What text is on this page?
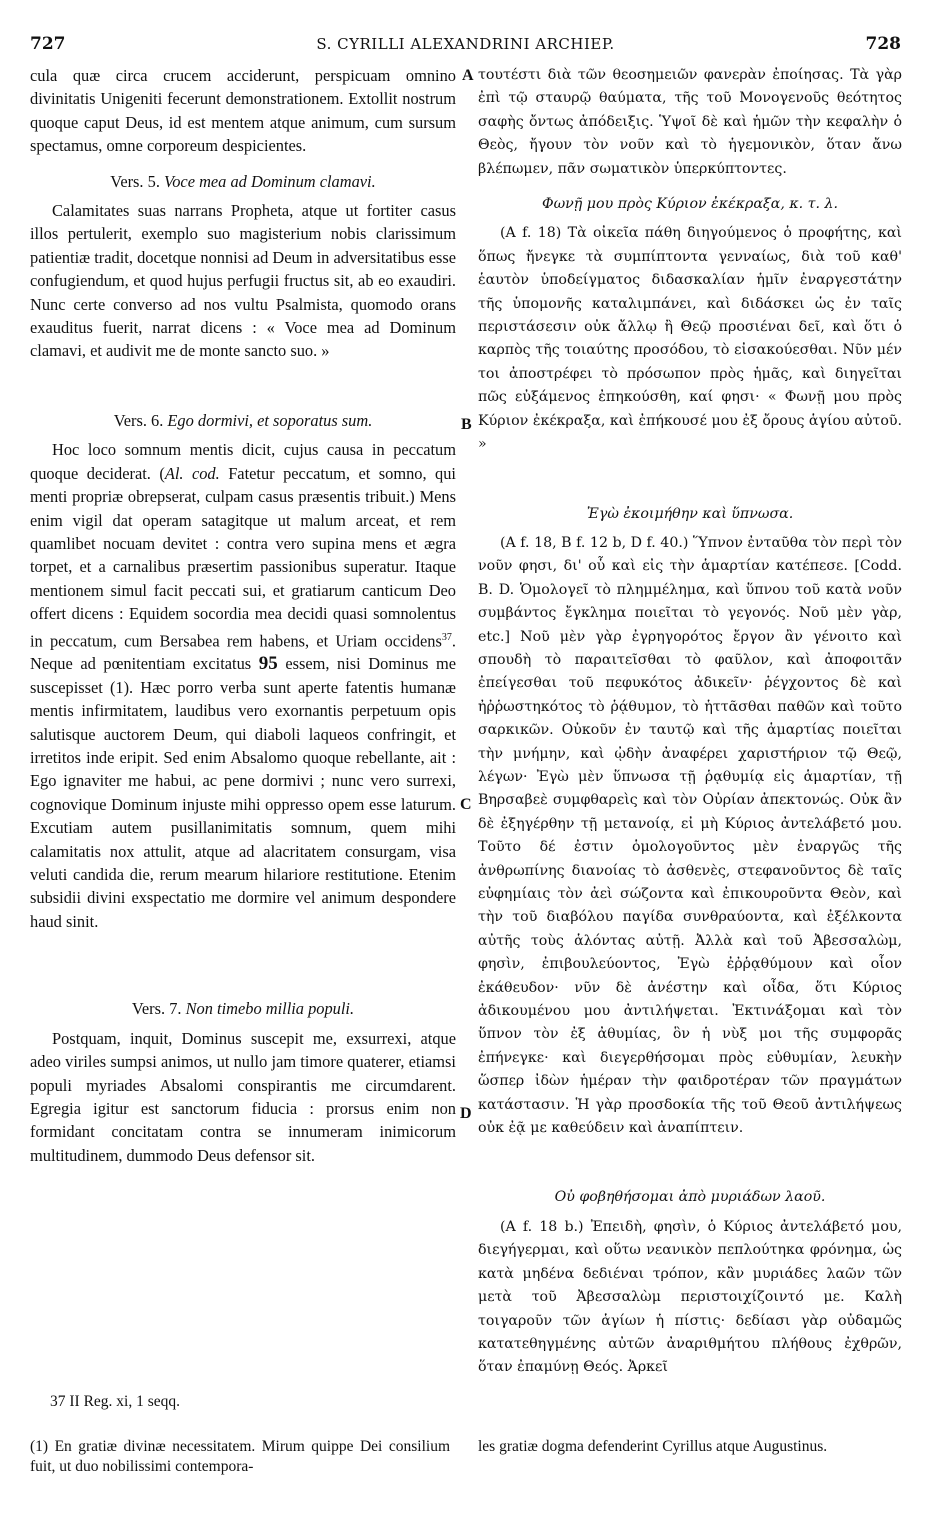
727	S. CYRILLI ALEXANDRINI ARCHIEP.	728
A
B
C
D

cula quæ circa crucem acciderunt, perspicuam omnino divinitatis Unigeniti fecerunt demonstrationem. Extollit nostrum quoque caput Deus, id est mentem atque animum, cum sursum spectamus, omne corporeum despicientes.

Vers. 5. Voce mea ad Dominum clamavi.

Calamitates suas narrans Propheta, atque ut fortiter casus illos pertulerit, exemplo suo magisterium nobis clarissimum patientiæ tradit, docetque nonnisi ad Deum in adversitatibus esse confugiendum, et quod hujus perfugii fructus sit, ab eo exaudiri. Nunc certe converso ad nos vultu Psalmista, quomodo orans exauditus fuerit, narrat dicens : « Voce mea ad Dominum clamavi, et audivit me de monte sancto suo. »

Vers. 6. Ego dormivi, et soporatus sum.

Hoc loco somnum mentis dicit, cujus causa in peccatum quoque deciderat. (Al. cod. Fatetur peccatum, et somno, qui menti propriæ obrepserat, culpam casus præsentis tribuit.) Mens enim vigil dat operam satagitque ut malum arceat, et rem quamlibet nocuam devitet : contra vero supina mens et ægra torpet, et a carnalibus præsertim passionibus superatur. Itaque mentionem simul facit peccati sui, et gratiarum canticum Deo offert dicens : Equidem socordia mea decidi quasi somnolentus in peccatum, cum Bersabea rem habens, et Uriam occidens$^{37}$. Neque ad pœnitentiam excitatus 95 essem, nisi Dominus me suscepisset (1). Hæc porro verba sunt aperte fatentis humanæ mentis infirmitatem, laudibus vero exornantis perpetuum opis salutisque auctorem Deum, qui diaboli laqueos confringit, et irretitos inde eripit. Sed enim Absalomo quoque rebellante, ait : Ego ignaviter me habui, ac pene dormivi ; nunc vero surrexi, cognovique Dominum injuste mihi oppresso opem esse laturum. Excutiam autem pusillanimitatis somnum, quem mihi calamitatis nox attulit, atque ad alacritatem consurgam, visa veluti candida die, rerum mearum hilariore restitutione. Etenim subsidii divini exspectatio me dormire vel animum despondere haud sinit.

Vers. 7. Non timebo millia populi.

Postquam, inquit, Dominus suscepit me, exsurrexi, atque adeo viriles sumpsi animos, ut nullo jam timore quaterer, etiamsi populi myriades Absalomi conspirantis me circumdarent. Egregia igitur est sanctorum fiducia : prorsus enim non formidant concitatam contra se innumeram inimicorum multitudinem, dummodo Deus defensor sit.

τουτέστι διὰ τῶν θεοσημειῶν φανερὰν ἐποίησας. Τὰ γὰρ ἐπὶ τῷ σταυρῷ θαύματα, τῆς τοῦ Μονογενοῦς θεότητος σαφὴς ὄντως ἀπόδειξις. Ὑψοῖ δὲ καὶ ἡμῶν τὴν κεφαλὴν ὁ Θεὸς, ἤγουν τὸν νοῦν καὶ τὸ ἡγεμονικὸν, ὅταν ἄνω βλέπωμεν, πᾶν σωματικὸν ὑπερκύπτοντες.

Φωνῇ μου πρὸς Κύριον ἐκέκραξα, κ. τ. λ.

(A f. 18) Τὰ οἰκεῖα πάθη διηγούμενος ὁ προφήτης, καὶ ὅπως ἤνεγκε τὰ συμπίπτοντα γενναίως, διὰ τοῦ καθ' ἑαυτὸν ὑποδείγματος διδασκαλίαν ἡμῖν ἐναργεστάτην τῆς ὑπομονῆς καταλιμπάνει, καὶ διδάσκει ὡς ἐν ταῖς περιστάσεσιν οὐκ ἄλλῳ ἢ Θεῷ προσιέναι δεῖ, καὶ ὅτι ὁ καρπὸς τῆς τοιαύτης προσόδου, τὸ εἰσακούεσθαι. Νῦν μέν τοι ἀποστρέφει τὸ πρόσωπον πρὸς ἡμᾶς, καὶ διηγεῖται πῶς εὐξάμενος ἐπηκούσθη, καί φησι· « Φωνῇ μου πρὸς Κύριον ἐκέκραξα, καὶ ἐπήκουσέ μου ἐξ ὄρους ἁγίου αὐτοῦ. »

Ἐγὼ ἐκοιμήθην καὶ ὕπνωσα.

(A f. 18, B f. 12 b, D f. 40.) Ὕπνον ἐνταῦθα τὸν περὶ τὸν νοῦν φησι, δι' οὗ καὶ εἰς τὴν ἁμαρτίαν κατέπεσε. [Codd. B. D. Ὁμολογεῖ τὸ πλημμέλημα, καὶ ὕπνου τοῦ κατὰ νοῦν συμβάντος ἔγκλημα ποιεῖται τὸ γεγονός. Νοῦ μὲν γὰρ, etc.] Νοῦ μὲν γὰρ ἐγρηγορότος ἔργον ἂν γένοιτο καὶ σπουδὴ τὸ παραιτεῖσθαι τὸ φαῦλον, καὶ ἀποφοιτᾶν ἐπείγεσθαι τοῦ πεφυκότος ἀδικεῖν· ῥέγχοντος δὲ καὶ ἠῤῥωστηκότος τὸ ῥᾴθυμον, τὸ ἡττᾶσθαι παθῶν καὶ τοῦτο σαρκικῶν. Οὐκοῦν ἐν ταυτῷ καὶ τῆς ἁμαρτίας ποιεῖται τὴν μνήμην, καὶ ᾠδὴν ἀναφέρει χαριστήριον τῷ Θεῷ, λέγων· Ἐγὼ μὲν ὕπνωσα τῇ ῥᾳθυμίᾳ εἰς ἁμαρτίαν, τῇ Βηρσαβεὲ συμφθαρεὶς καὶ τὸν Οὐρίαν ἀπεκτονώς. Οὐκ ἂν δὲ ἐξηγέρθην τῇ μετανοίᾳ, εἰ μὴ Κύριος ἀντελάβετό μου. Τοῦτο δέ ἐστιν ὁμολογοῦντος μὲν ἐναργῶς τῆς ἀνθρωπίνης διανοίας τὸ ἀσθενὲς, στεφανοῦντος δὲ ταῖς εὐφημίαις τὸν ἀεὶ σώζοντα καὶ ἐπικουροῦντα Θεὸν, καὶ τὴν τοῦ διαβόλου παγίδα συνθραύοντα, καὶ ἐξέλκοντα αὐτῆς τοὺς ἁλόντας αὐτῇ. Ἀλλὰ καὶ τοῦ Ἀβεσσαλὼμ, φησὶν, ἐπιβουλεύοντος, Ἐγὼ ἐῤῥᾳθύμουν καὶ οἷον ἐκάθευδον· νῦν δὲ ἀνέστην καὶ οἶδα, ὅτι Κύριος ἀδικουμένου μου ἀντιλήψεται. Ἐκτινάξομαι καὶ τὸν ὕπνον τὸν ἐξ ἀθυμίας, ὃν ἡ νὺξ μοι τῆς συμφορᾶς ἐπήνεγκε· καὶ διεγερθήσομαι πρὸς εὐθυμίαν, λευκὴν ὥσπερ ἰδὼν ἡμέραν τὴν φαιδροτέραν τῶν πραγμάτων κατάστασιν. Ἡ γὰρ προσδοκία τῆς τοῦ Θεοῦ ἀντιλήψεως οὐκ ἐᾷ με καθεύδειν καὶ ἀναπίπτειν.

Οὐ φοβηθήσομαι ἀπὸ μυριάδων λαοῦ.

(A f. 18 b.) Ἐπειδὴ, φησὶν, ὁ Κύριος ἀντελάβετό μου, διεγήγερμαι, καὶ οὕτω νεανικὸν πεπλούτηκα φρόνημα, ὡς κατὰ μηδένα δεδιέναι τρόπον, κἂν μυριάδες λαῶν τῶν μετὰ τοῦ Ἀβεσσαλὼμ περιστοιχίζοιντό με. Καλὴ τοιγαροῦν τῶν ἁγίων ἡ πίστις· δεδίασι γὰρ οὐδαμῶς κατατεθηγμένης αὐτῶν ἀναριθμήτου πλήθους ἐχθρῶν, ὅταν ἐπαμύνῃ Θεός. Ἀρκεῖ

37 II Reg. xi, 1 seqq.
(1) En gratiæ divinæ necessitatem. Mirum quippe Dei consilium fuit, ut duo nobilissimi contempora-
les gratiæ dogma defenderint Cyrillus atque Augustinus.
